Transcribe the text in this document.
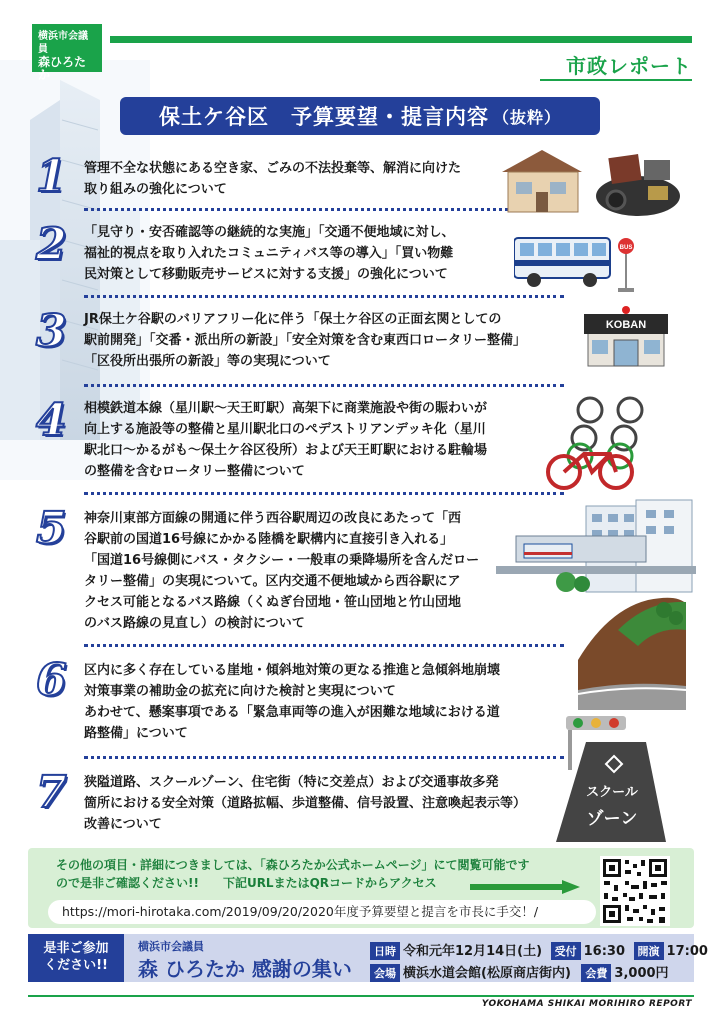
横浜市会議員
森ひろたか	市政レポート
保土ケ谷区　予算要望・提言内容 （抜粋）
1	管理不全な状態にある空き家、ごみの不法投棄等、解消に向けた
取り組みの強化について
2	「見守り・安否確認等の継続的な実施」「交通不便地域に対し、
福祉的視点を取り入れたコミュニティバス等の導入」「買い物難
民対策として移動販売サービスに対する支援」の強化について
3	JR保土ケ谷駅のバリアフリー化に伴う「保土ケ谷区の正面玄関としての
駅前開発」「交番・派出所の新設」「安全対策を含む東西口ロータリー整備」
「区役所出張所の新設」等の実現について
4	相模鉄道本線（星川駅～天王町駅）高架下に商業施設や街の賑わいが
向上する施設等の整備と星川駅北口のペデストリアンデッキ化（星川
駅北口～かるがも～保土ケ谷区役所）および天王町駅における駐輪場
の整備を含むロータリー整備について
5	神奈川東部方面線の開通に伴う西谷駅周辺の改良にあたって「西
谷駅前の国道16号線にかかる陸橋を駅構内に直接引き入れる」
「国道16号線側にバス・タクシー・一般車の乗降場所を含んだロー
タリー整備」の実現について。区内交通不便地域から西谷駅にア
クセス可能となるバス路線（くぬぎ台団地・笹山団地と竹山団地
のバス路線の見直し）の検討について
6	区内に多く存在している崖地・傾斜地対策の更なる推進と急傾斜地崩壊
対策事業の補助金の拡充に向けた検討と実現について
あわせて、懸案事項である「緊急車両等の進入が困難な地域における道
路整備」について
7	狭隘道路、スクールゾーン、住宅街（特に交差点）および交通事故多発
箇所における安全対策（道路拡幅、歩道整備、信号設置、注意喚起表示等）
改善について
BUS
KOBAN
スクール
ゾーン
その他の項目・詳細につきましては、「森ひろたか公式ホームページ」にて閲覧可能です
ので是非ご確認ください!!　　下記URLまたはQRコードからアクセス
https://mori-hirotaka.com/2019/09/20/2020年度予算要望と提言を市長に手交！/
是非ご参加
ください!!
横浜市会議員
森 ひろたか 感謝の集い
日時 令和元年12月14日(土) 受付 16:30 開演 17:00
会場 横浜水道会館(松原商店街内) 会費 3,000円
YOKOHAMA SHIKAI MORIHIRO REPORT
